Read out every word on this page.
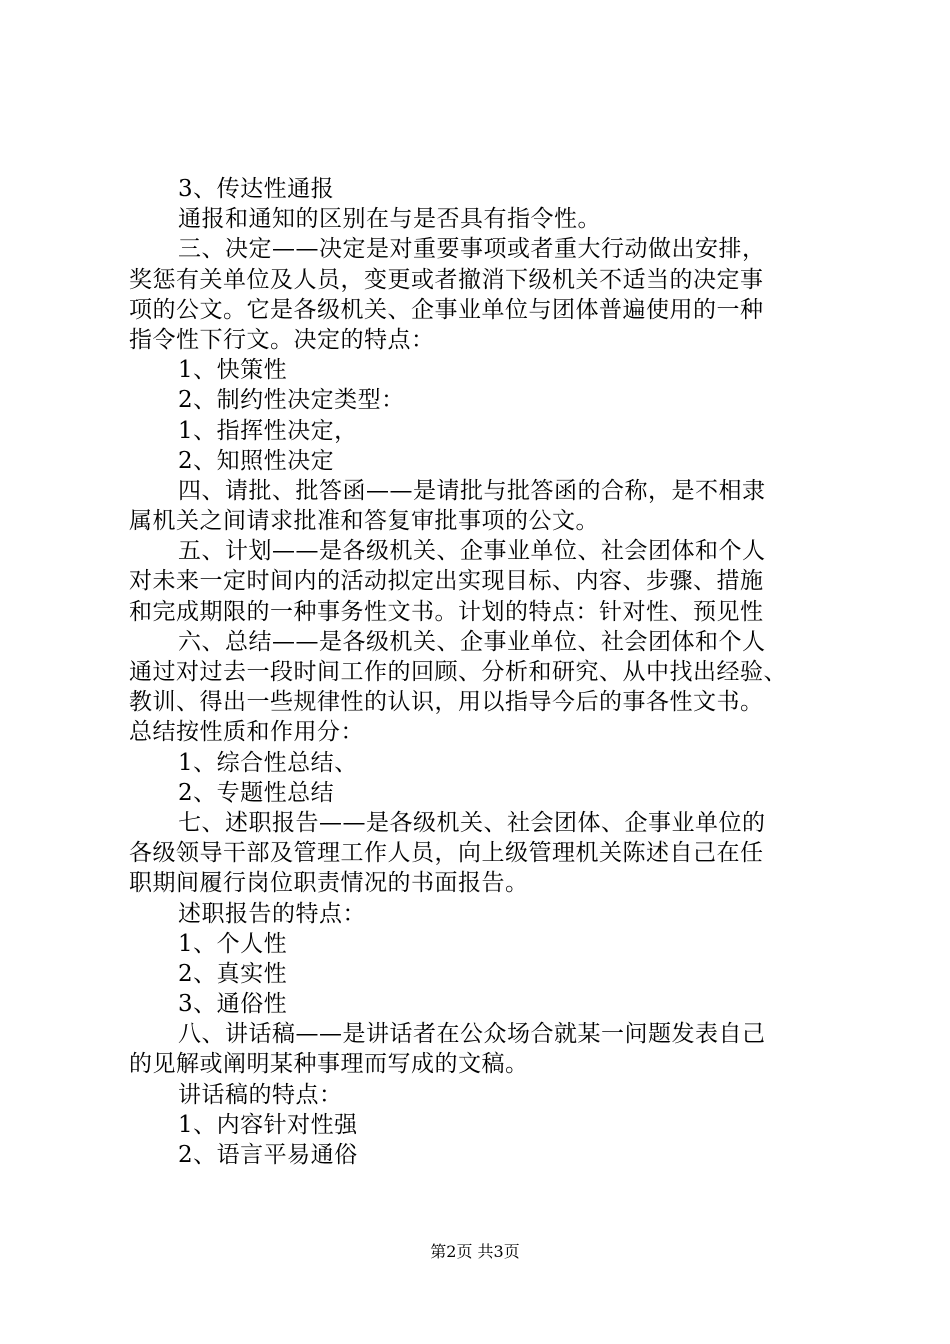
3、传达性通报
通报和通知的区别在与是否具有指令性。
三、决定——决定是对重要事项或者重大行动做出安排，
奖惩有关单位及人员，变更或者撤消下级机关不适当的决定事
项的公文。它是各级机关、企事业单位与团体普遍使用的一种
指令性下行文。决定的特点：
1、快策性
2、制约性决定类型：
1、指挥性决定，
2、知照性决定
四、请批、批答函——是请批与批答函的合称，是不相隶
属机关之间请求批准和答复审批事项的公文。
五、计划——是各级机关、企事业单位、社会团体和个人
对未来一定时间内的活动拟定出实现目标、内容、步骤、措施
和完成期限的一种事务性文书。计划的特点：针对性、预见性
六、总结——是各级机关、企事业单位、社会团体和个人
通过对过去一段时间工作的回顾、分析和研究、从中找出经验、
教训、得出一些规律性的认识，用以指导今后的事各性文书。
总结按性质和作用分：
1、综合性总结、
2、专题性总结
七、述职报告——是各级机关、社会团体、企事业单位的
各级领导干部及管理工作人员，向上级管理机关陈述自己在任
职期间履行岗位职责情况的书面报告。
述职报告的特点：
1、个人性
2、真实性
3、通俗性
八、讲话稿——是讲话者在公众场合就某一问题发表自己
的见解或阐明某种事理而写成的文稿。
讲话稿的特点：
1、内容针对性强
2、语言平易通俗
第2页 共3页
